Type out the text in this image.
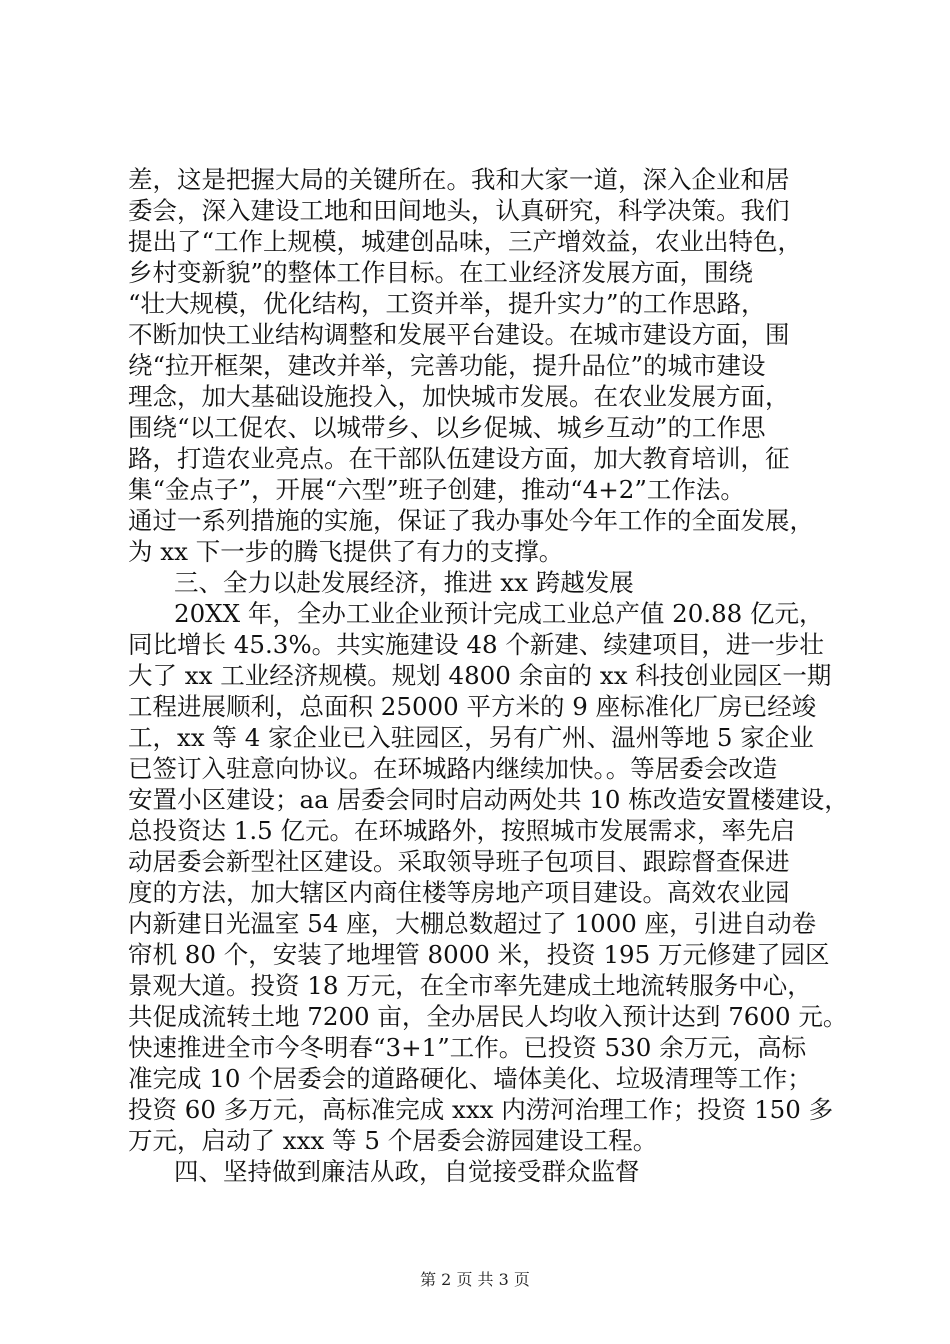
差，这是把握大局的关键所在。我和大家一道，深入企业和居
委会，深入建设工地和田间地头，认真研究，科学决策。我们
提出了“工作上规模，城建创品味，三产增效益，农业出特色，
乡村变新貌”的整体工作目标。在工业经济发展方面，围绕
“壮大规模，优化结构，工资并举，提升实力”的工作思路，
不断加快工业结构调整和发展平台建设。在城市建设方面，围
绕“拉开框架，建改并举，完善功能，提升品位”的城市建设
理念，加大基础设施投入，加快城市发展。在农业发展方面，
围绕“以工促农、以城带乡、以乡促城、城乡互动”的工作思
路，打造农业亮点。在干部队伍建设方面，加大教育培训，征
集“金点子”，开展“六型”班子创建，推动“4+2”工作法。
通过一系列措施的实施，保证了我办事处今年工作的全面发展，
为 xx 下一步的腾飞提供了有力的支撑。
三、全力以赴发展经济，推进 xx 跨越发展
20XX 年，全办工业企业预计完成工业总产值 20.88 亿元，
同比增长 45.3%。共实施建设 48 个新建、续建项目，进一步壮
大了 xx 工业经济规模。规划 4800 余亩的 xx 科技创业园区一期
工程进展顺利，总面积 25000 平方米的 9 座标准化厂房已经竣
工，xx 等 4 家企业已入驻园区，另有广州、温州等地 5 家企业
已签订入驻意向协议。在环城路内继续加快。。等居委会改造
安置小区建设；aa 居委会同时启动两处共 10 栋改造安置楼建设，
总投资达 1.5 亿元。在环城路外，按照城市发展需求，率先启
动居委会新型社区建设。采取领导班子包项目、跟踪督查保进
度的方法，加大辖区内商住楼等房地产项目建设。高效农业园
内新建日光温室 54 座，大棚总数超过了 1000 座，引进自动卷
帘机 80 个，安装了地埋管 8000 米，投资 195 万元修建了园区
景观大道。投资 18 万元，在全市率先建成土地流转服务中心，
共促成流转土地 7200 亩，全办居民人均收入预计达到 7600 元。
快速推进全市今冬明春“3+1”工作。已投资 530 余万元，高标
准完成 10 个居委会的道路硬化、墙体美化、垃圾清理等工作；
投资 60 多万元，高标准完成 xxx 内涝河治理工作；投资 150 多
万元，启动了 xxx 等 5 个居委会游园建设工程。
四、坚持做到廉洁从政，自觉接受群众监督
第 2 页 共 3 页
